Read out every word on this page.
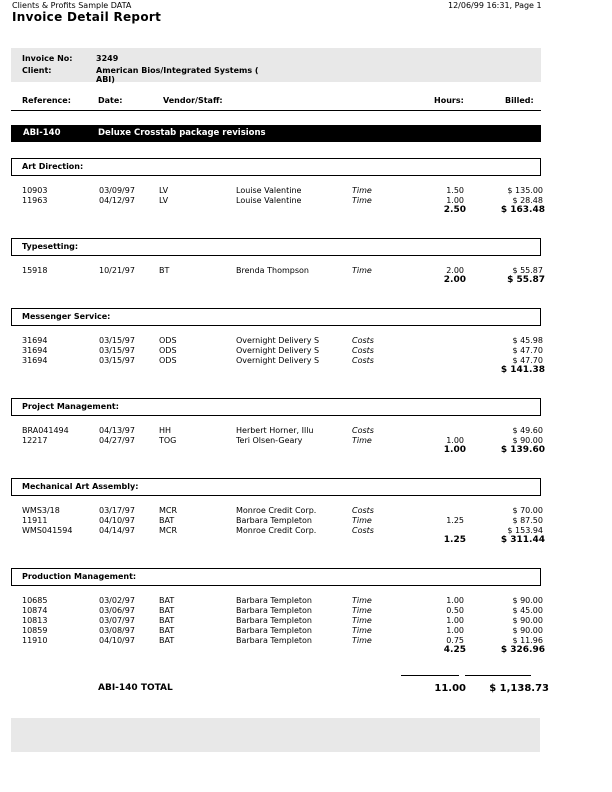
Clients & Profits Sample DATA
Invoice Detail Report
12/06/99 16:31, Page 1
Invoice No:	3249
Client:	American Bios/Integrated Systems (
ABI)
Reference:	Date:	Vendor/Staff:	Hours:	Billed:
ABI-140	Deluxe Crosstab package revisions
Art Direction:
10903	03/09/97	LV	Louise Valentine	Time	1.50	$ 135.00
11963	04/12/97	LV	Louise Valentine	Time	1.00	$ 28.48
2.50	$ 163.48
Typesetting:
15918	10/21/97	BT	Brenda Thompson	Time	2.00	$ 55.87
2.00	$ 55.87
Messenger Service:
31694	03/15/97	ODS	Overnight Delivery S	Costs	$ 45.98
31694	03/15/97	ODS	Overnight Delivery S	Costs	$ 47.70
31694	03/15/97	ODS	Overnight Delivery S	Costs	$ 47.70
$ 141.38
Project Management:
BRA041494	04/13/97	HH	Herbert Horner, Illu	Costs	$ 49.60
12217	04/27/97	TOG	Teri Olsen-Geary	Time	1.00	$ 90.00
1.00	$ 139.60
Mechanical Art Assembly:
WMS3/18	03/17/97	MCR	Monroe Credit Corp.	Costs	$ 70.00
11911	04/10/97	BAT	Barbara Templeton	Time	1.25	$ 87.50
WMS041594	04/14/97	MCR	Monroe Credit Corp.	Costs	$ 153.94
1.25	$ 311.44
Production Management:
10685	03/02/97	BAT	Barbara Templeton	Time	1.00	$ 90.00
10874	03/06/97	BAT	Barbara Templeton	Time	0.50	$ 45.00
10813	03/07/97	BAT	Barbara Templeton	Time	1.00	$ 90.00
10859	03/08/97	BAT	Barbara Templeton	Time	1.00	$ 90.00
11910	04/10/97	BAT	Barbara Templeton	Time	0.75	$ 11.96
4.25	$ 326.96
ABI-140 TOTAL	11.00 $ 1,138.73
